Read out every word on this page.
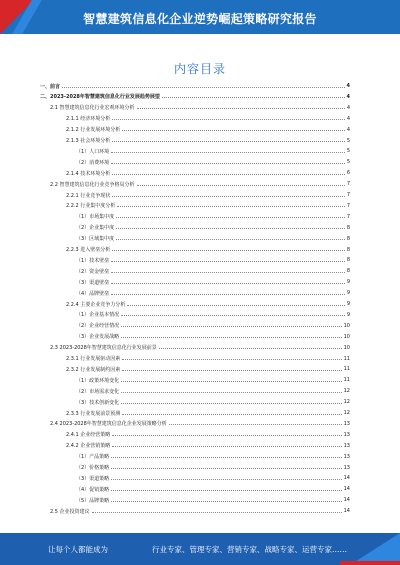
智慧建筑信息化企业逆势崛起策略研究报告
内容目录
一、前言	4
二、2023-2028年智慧建筑信息化行业发展趋势展望	4
2.1 智慧建筑信息化行业宏观环境分析	4
2.1.1 经济环境分析	4
2.1.2 行业发展环境分析	4
2.1.3 社会环境分析	5
（1）人口环境	5
（2）消费环境	5
2.1.4 技术环境分析	6
2.2 智慧建筑信息化行业竞争格局分析	7
2.2.1 行业竞争现状	7
2.2.2 行业集中度分析	7
（1）市场集中度	7
（2）企业集中度	8
（3）区域集中度	8
2.2.3 进入壁垒分析	8
（1）技术壁垒	8
（2）资金壁垒	8
（3）渠道壁垒	9
（4）品牌壁垒	9
2.2.4 主要企业竞争力分析	9
（1）企业基本情况	9
（2）企业经营情况	10
（3）企业发展战略	10
2.3 2023-2028年智慧建筑信息化行业发展前景	10
2.3.1 行业发展驱动因素	11
2.3.2 行业发展制约因素	11
（1）政策环境变化	11
（2）市场需求变化	12
（3）技术创新变化	12
2.3.3 行业发展前景预测	12
2.4 2023-2028年智慧建筑信息化企业发展策略分析	13
2.4.1 企业经营策略	13
2.4.2 企业营销策略	13
（1）产品策略	13
（2）价格策略	13
（3）渠道策略	14
（4）促销策略	14
（5）品牌策略	14
2.5 企业投资建议	14
让每个人都能成为	行业专家、管理专家、营销专家、战略专家、运营专家……
